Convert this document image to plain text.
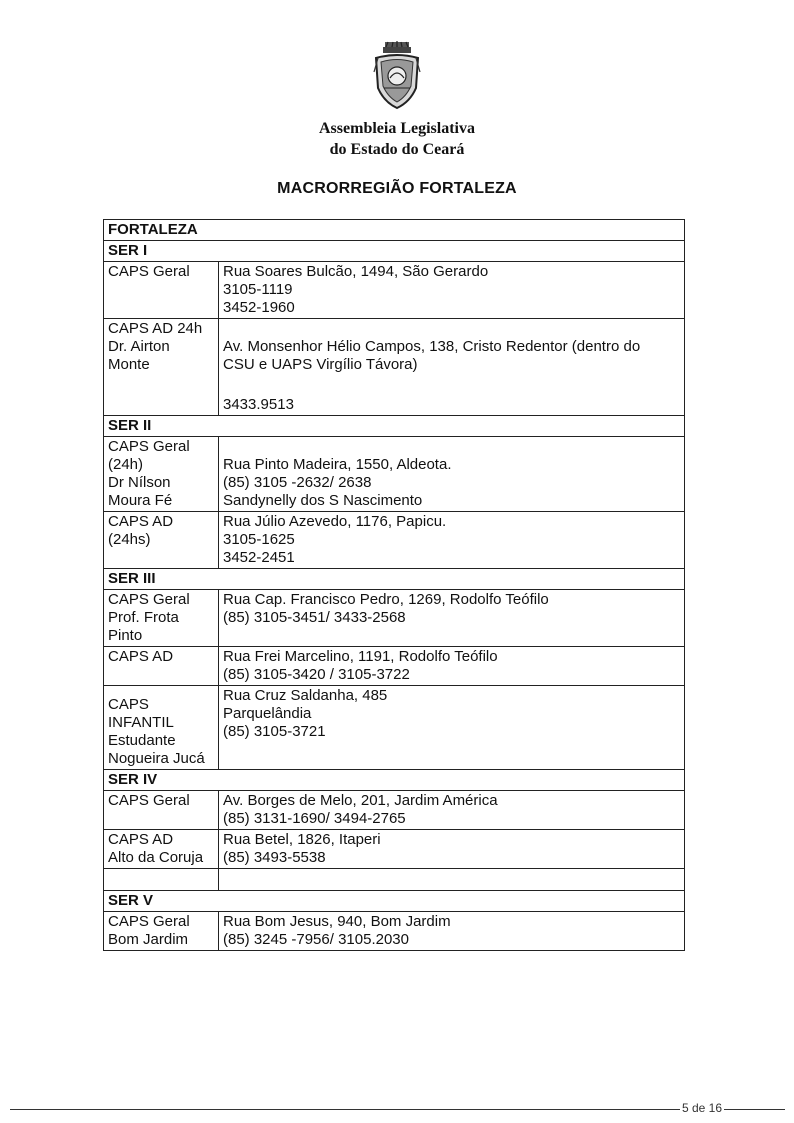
Assembleia Legislativa
do Estado do Ceará
MACRORREGIÃO FORTALEZA
FORTALEZA	
SER I	

CAPS Geral	Rua Soares Bulcão, 1494, São Gerardo
3105-1119
3452-1960

CAPS AD 24h
Dr. Airton
Monte	Av. Monsenhor Hélio Campos, 138, Cristo Redentor (dentro do
CSU e UAPS Virgílio Távora)
3433.9513

SER II	

CAPS Geral
(24h)
Dr Nílson
Moura Fé	Rua Pinto Madeira, 1550, Aldeota.
(85) 3105 -2632/ 2638
Sandynelly dos S Nascimento

CAPS AD
(24hs)	Rua Júlio Azevedo, 1176, Papicu.
3105-1625
3452-2451

SER III	

CAPS Geral
Prof. Frota
Pinto	Rua Cap. Francisco Pedro, 1269, Rodolfo Teófilo
(85) 3105-3451/ 3433-2568

CAPS AD	Rua Frei Marcelino, 1191, Rodolfo Teófilo
(85) 3105-3420 / 3105-3722

CAPS
INFANTIL
Estudante
Nogueira Jucá	Rua Cruz Saldanha, 485
Parquelândia
(85) 3105-3721

SER IV	

CAPS Geral	Av. Borges de Melo, 201, Jardim América
(85) 3131-1690/ 3494-2765

CAPS AD
Alto da Coruja	Rua Betel, 1826, Itaperi
(85) 3493-5538

SER V	

CAPS Geral
Bom Jardim	Rua Bom Jesus, 940, Bom Jardim
(85) 3245 -7956/ 3105.2030
5 de 16
